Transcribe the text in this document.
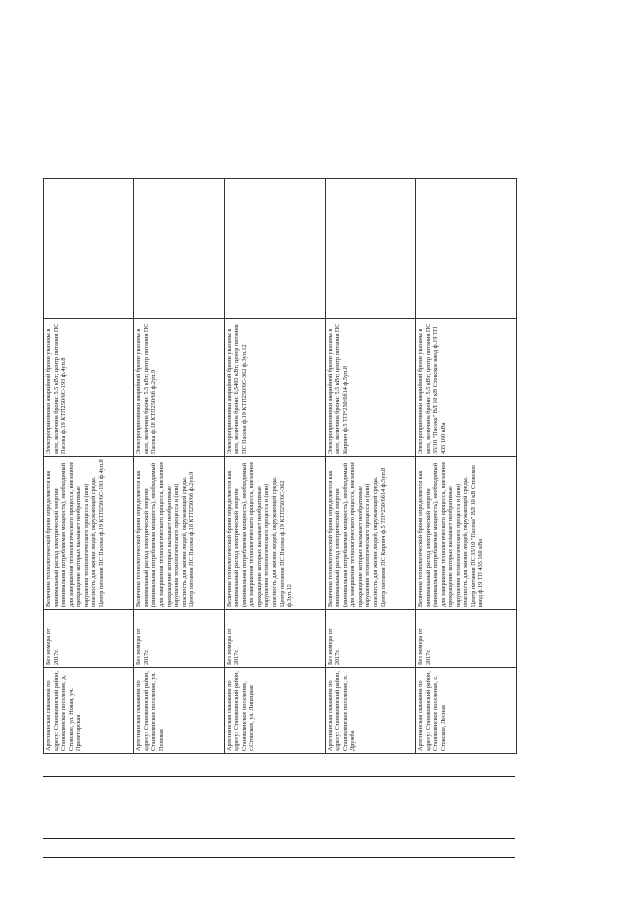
Артезианская скважина по адресу: Становлянский район, Становлянское поселение, д. Стовское, ул. Новая, уч. Пролетарская	Без номера от 2017г.	Величина технологической брони определяется как минимальный расход электрической энергии (минимальная потребляемая мощность), необходимый для завершения технологического процесса, внезапное прекращение которых вызывает необратимые нарушения технологического процесса и (или) опасность для жизни людей, окружающей среды. Центр питания ПС Пасека ф.19 КТП250/6С-193 ф.4уп.8	Электроприемники аварийной брони указаны в акте, величина брони: 5.5 кВт; центр питания ПС Пасека ф.19 КТП250/6С-193 ф.4уп.8	
Артезианская скважина по адресу: Становлянский район, Становлянское поселение, ул. Полевая	Без номера от 2017г.	Величина технологической брони определяется как минимальный расход электрической энергии (минимальная потребляемая мощность), необходимый для завершения технологического процесса, внезапное прекращение которых вызывает необратимые нарушения технологического процесса и (или) опасность для жизни людей, окружающей среды. Центр питания ПС Пасека ф.18 КТП250/6б ф.2уп.9	Электроприемники аварийной брони указаны в акте, величина брони: 5.5 кВт; центр питания ПС Пасека ф.18 КТП250/6б ф.2уп.9	
Артезианская скважина по адресу: Становлянский район, Становлянское поселение, с.Стовское, ул. Липецкая	Без номера от 2017г.	Величина технологической брони определяется как минимальный расход электрической энергии (минимальная потребляемая мощность), необходимый для завершения технологического процесса, внезапное прекращение которых вызывает необратимые нарушения технологического процесса и (или) опасность для жизни людей, окружающей среды. Центр питания ПС Пасека ф.19 КТП250/6С-362 ф.3уп.12	Электроприемники аварийной брони указаны в акте, величина брони: 6,5403 кВт; центр питания ПС Пасека ф.19 КТП250/6С-362 ф.3уп.12	
Артезианская скважина по адресу: Становлянский район, Становлянское поселение, п. Дружба	Без номера от 2017г.	Величина технологической брони определяется как минимальный расход электрической энергии (минимальная потребляемая мощность), необходимый для завершения технологического процесса, внезапное прекращение которых вызывает необратимые нарушения технологического процесса и (или) опасность для жизни людей, окружающей среды. Центр питания ПС Кирпич ф.5 ТП*250/6б14 ф.5уп.8	Электроприемники аварийной брони указаны в акте, величина брони: 5.5 кВт; центр питания ПС Кирпич ф.5 ТП*250/6б14 ф.5уп.8	
Артезианская скважина по адресу: Становлянский район, Становлянское поселение, с. Стовское, Лесная	Без номера от 2017г.	Величина технологической брони определяется как минимальный расход электрической энергии (минимальная потребляемая мощность), необходимый для завершения технологического процесса, внезапное прекращение которых вызывает необратимые нарушения технологического процесса и (или) опасность для жизни людей, окружающей среды. Центр питания ПС 35/10 "Пасека" ВЛ 10 кВ Стовское ввод ф.19 ТП 435 160 кВа	Электроприемники аварийной брони указаны в акте, величина брони: 5.5 кВт; центр питания ПС 35/10 "Пасека" ВЛ 10 кВ Стовское ввод ф.19 ТП 435 160 кВа	
